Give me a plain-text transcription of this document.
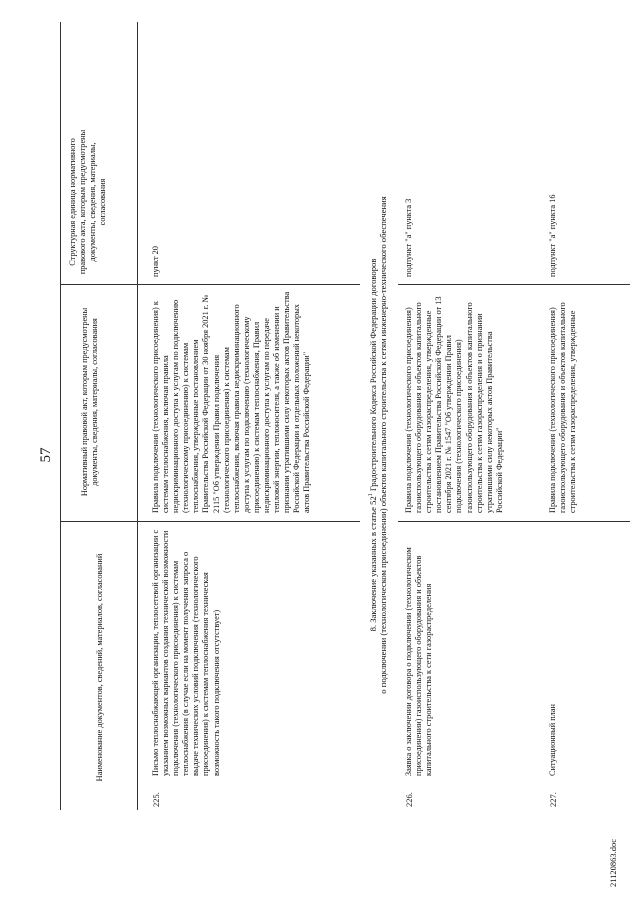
57
Наименование документов, сведений, материалов, согласований
Нормативный правовой акт, которым предусмотрены документы, сведения, материалы, согласования
Структурная единица нормативного правового акта, которым предусмотрены документы, сведения, материалы, согласования
225.
Письмо теплоснабжающей организации, теплосетевой организации с указанием возможных вариантов создания технической возможности подключения (технологического присоединения) к системам теплоснабжения (в случае если на момент получения запроса о выдаче технических условий подключения (технологического присоединения) к системам теплоснабжения техническая возможность такого подключения отсутствует)
Правила подключения (технологического присоединения) к системам теплоснабжения, включая правила недискриминационного доступа к услугам по подключению (технологическому присоединению) к системам теплоснабжения, утвержденные постановлением Правительства Российской Федерации от 30 ноября 2021 г. № 2115 "Об утверждении Правил подключения (технологического присоединения) к системам теплоснабжения, включая правила недискриминационного доступа к услугам по подключению (технологическому присоединению) к системам теплоснабжения, Правил недискриминационного доступа к услугам по передаче тепловой энергии, теплоносителя, а также об изменении и признании утратившими силу некоторых актов Правительства Российской Федерации и отдельных положений некоторых актов Правительства Российской Федерации"
пункт 20
8. Заключение указанных в статье $52^1$ Градостроительного Кодекса Российской Федерации договоров о подключении (технологическом присоединении) объектов капитального строительства к сетям инженерно-технического обеспечения
226.
Заявка о заключении договора о подключении (технологическом присоединении) газоиспользующего оборудования и объектов капитального строительства к сети газораспределения
Правила подключения (технологического присоединения) газоиспользующего оборудования и объектов капитального строительства к сетям газораспределения, утвержденные постановлением Правительства Российской Федерации от 13 сентября 2021 г. № 1547 "Об утверждении Правил подключения (технологического присоединения) газоиспользующего оборудования и объектов капитального строительства к сетям газораспределения и о признании утратившими силу некоторых актов Правительства Российской Федерации"
подпункт "а" пункта 3
227.
Ситуационный план
Правила подключения (технологического присоединения) газоиспользующего оборудования и объектов капитального строительства к сетям газораспределения, утвержденные
подпункт "а" пункта 16
21120863.doc
